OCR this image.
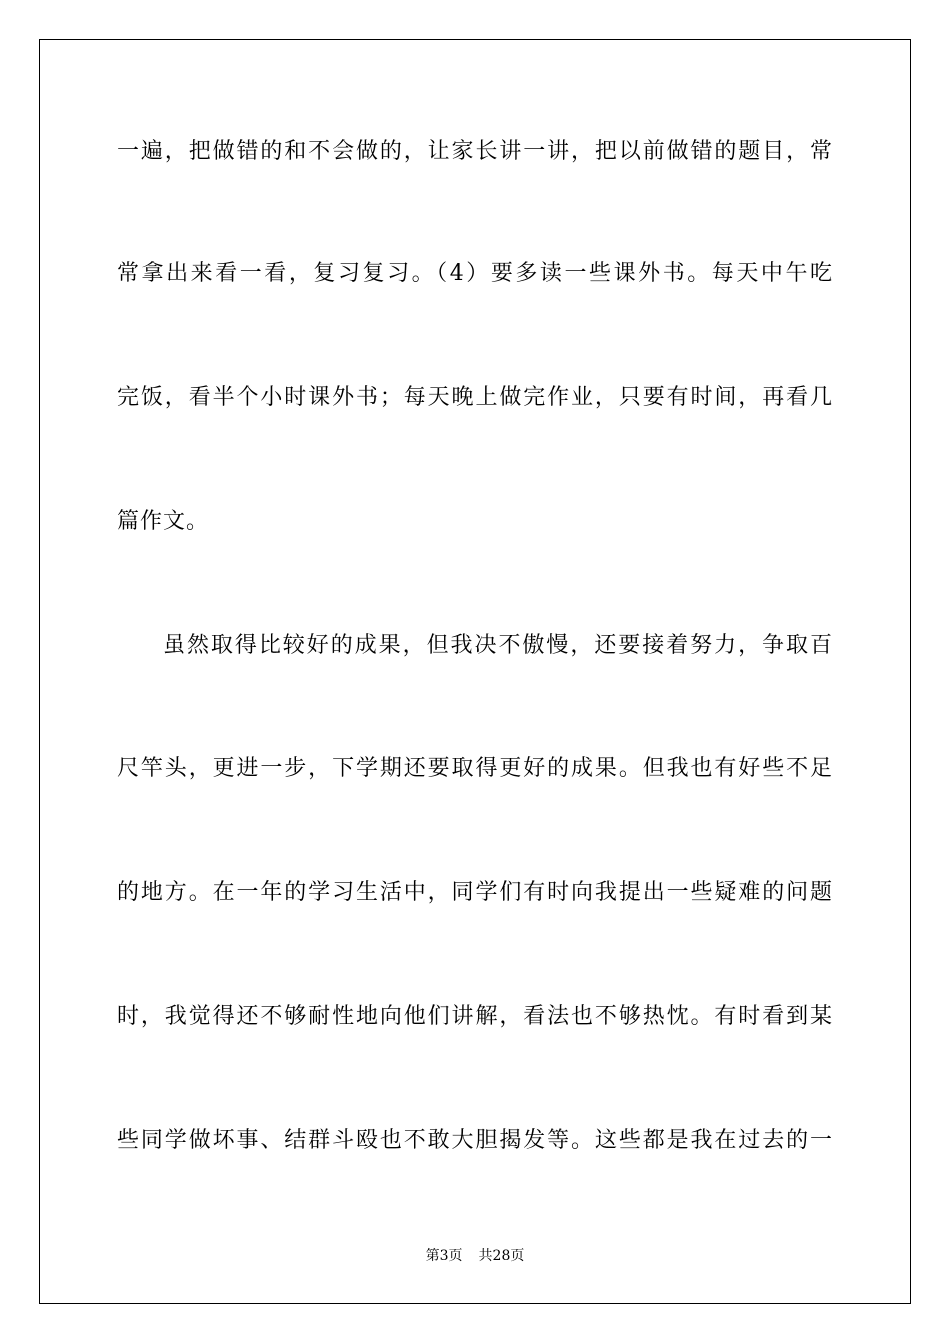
一遍，把做错的和不会做的，让家长讲一讲，把以前做错的题目，常
常拿出来看一看，复习复习。（4）要多读一些课外书。每天中午吃
完饭，看半个小时课外书；每天晚上做完作业，只要有时间，再看几
篇作文。
虽然取得比较好的成果，但我决不傲慢，还要接着努力，争取百
尺竿头，更进一步，下学期还要取得更好的成果。但我也有好些不足
的地方。在一年的学习生活中，同学们有时向我提出一些疑难的问题
时，我觉得还不够耐性地向他们讲解，看法也不够热忱。有时看到某
些同学做坏事、结群斗殴也不敢大胆揭发等。这些都是我在过去的一
第3页 共28页
